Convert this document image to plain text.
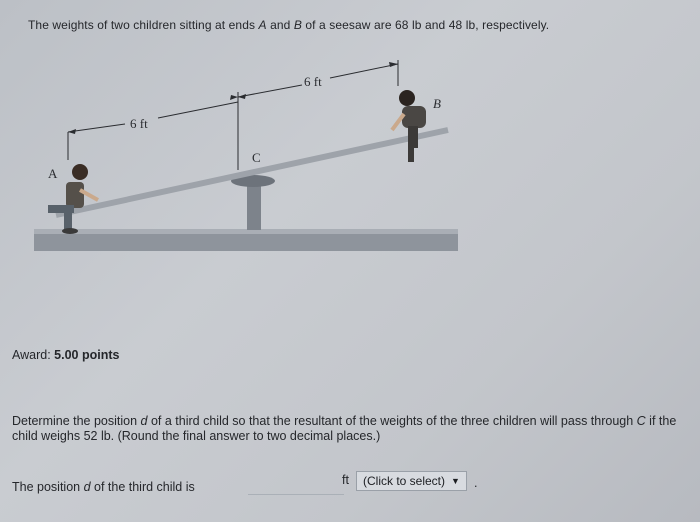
The weights of two children sitting at ends A and B of a seesaw are 68 lb and 48 lb, respectively.
A
B
C
6 ft
6 ft
Award: 5.00 points
Determine the position d of a third child so that the resultant of the weights of the three children will pass through C if the child weighs 52 lb. (Round the final answer to two decimal places.)
The position d of the third child is	ft (Click to select) ▼ .
